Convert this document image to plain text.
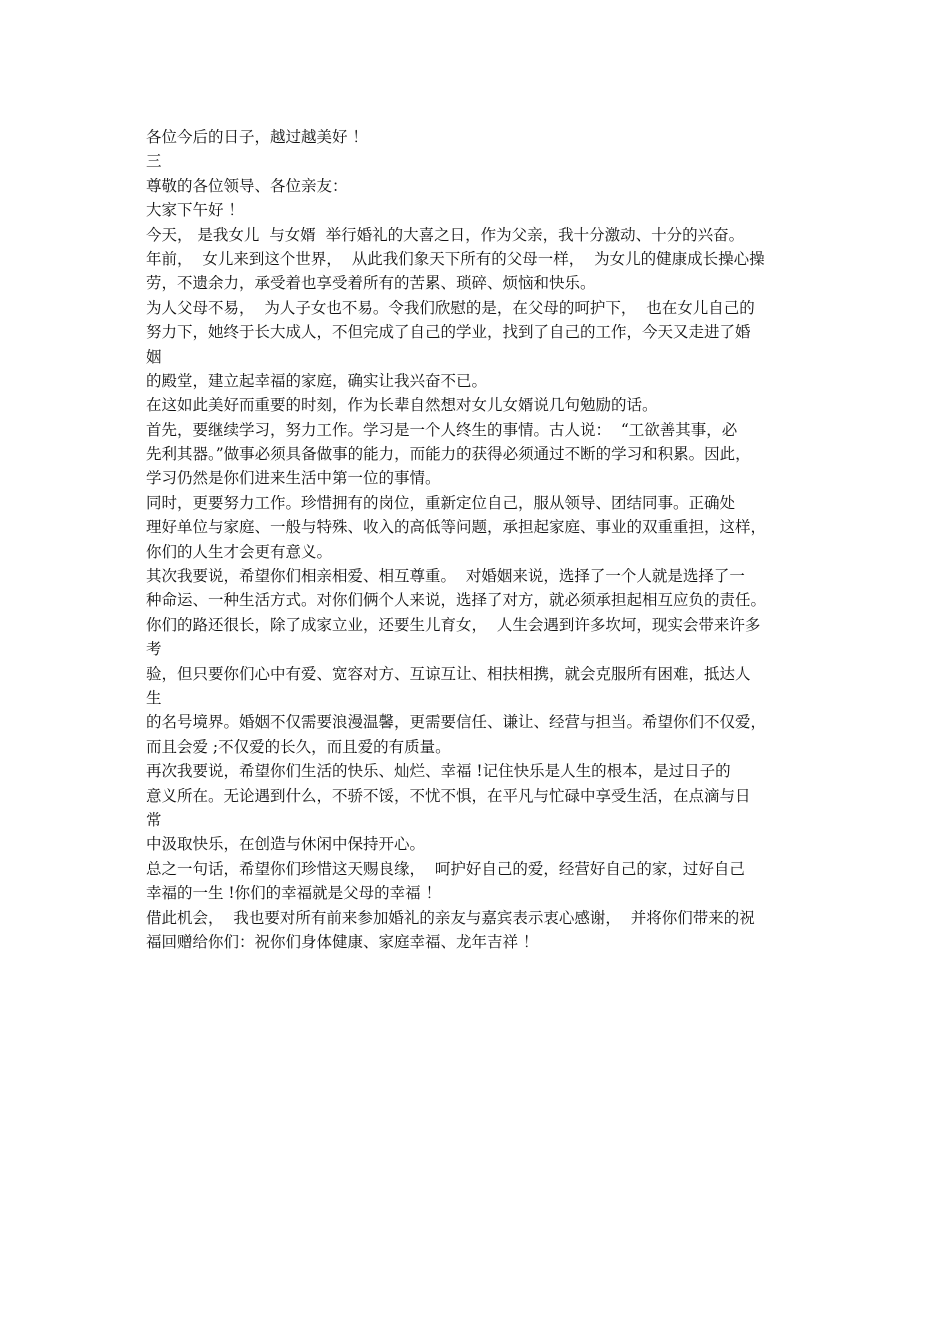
各位今后的日子，越过越美好 ！
三
尊敬的各位领导、各位亲友：
大家下午好 ！
今天， 是我女儿  与女婿  举行婚礼的大喜之日，作为父亲，我十分激动、十分的兴奋。
年前，  女儿来到这个世界，  从此我们象天下所有的父母一样，  为女儿的健康成长操心操
劳，不遗余力，承受着也享受着所有的苦累、琐碎、烦恼和快乐。
为人父母不易，  为人子女也不易。令我们欣慰的是，在父母的呵护下，  也在女儿自己的
努力下，她终于长大成人，不但完成了自己的学业，找到了自己的工作，今天又走进了婚
姻
的殿堂，建立起幸福的家庭，确实让我兴奋不已。
在这如此美好而重要的时刻，作为长辈自然想对女儿女婿说几句勉励的话。
首先，要继续学习，努力工作。学习是一个人终生的事情。古人说：  “工欲善其事，必
先利其器。”做事必须具备做事的能力，而能力的获得必须通过不断的学习和积累。因此，
学习仍然是你们进来生活中第一位的事情。
同时，更要努力工作。珍惜拥有的岗位，重新定位自己，服从领导、团结同事。正确处
理好单位与家庭、一般与特殊、收入的高低等问题，承担起家庭、事业的双重重担，这样，
你们的人生才会更有意义。
其次我要说，希望你们相亲相爱、相互尊重。  对婚姻来说，选择了一个人就是选择了一
种命运、一种生活方式。对你们俩个人来说，选择了对方，就必须承担起相互应负的责任。
你们的路还很长，除了成家立业，还要生儿育女，  人生会遇到许多坎坷，现实会带来许多
考
验，但只要你们心中有爱、宽容对方、互谅互让、相扶相携，就会克服所有困难，抵达人
生
的名号境界。婚姻不仅需要浪漫温馨，更需要信任、谦让、经营与担当。希望你们不仅爱，
而且会爱 ;不仅爱的长久，而且爱的有质量。
再次我要说，希望你们生活的快乐、灿烂、幸福 !记住快乐是人生的根本，是过日子的
意义所在。无论遇到什么，不骄不馁，不忧不惧，在平凡与忙碌中享受生活，在点滴与日
常
中汲取快乐，在创造与休闲中保持开心。
总之一句话，希望你们珍惜这天赐良缘，  呵护好自己的爱，经营好自己的家，过好自己
幸福的一生 !你们的幸福就是父母的幸福 ！
借此机会，  我也要对所有前来参加婚礼的亲友与嘉宾表示衷心感谢，  并将你们带来的祝
福回赠给你们：祝你们身体健康、家庭幸福、龙年吉祥 ！
